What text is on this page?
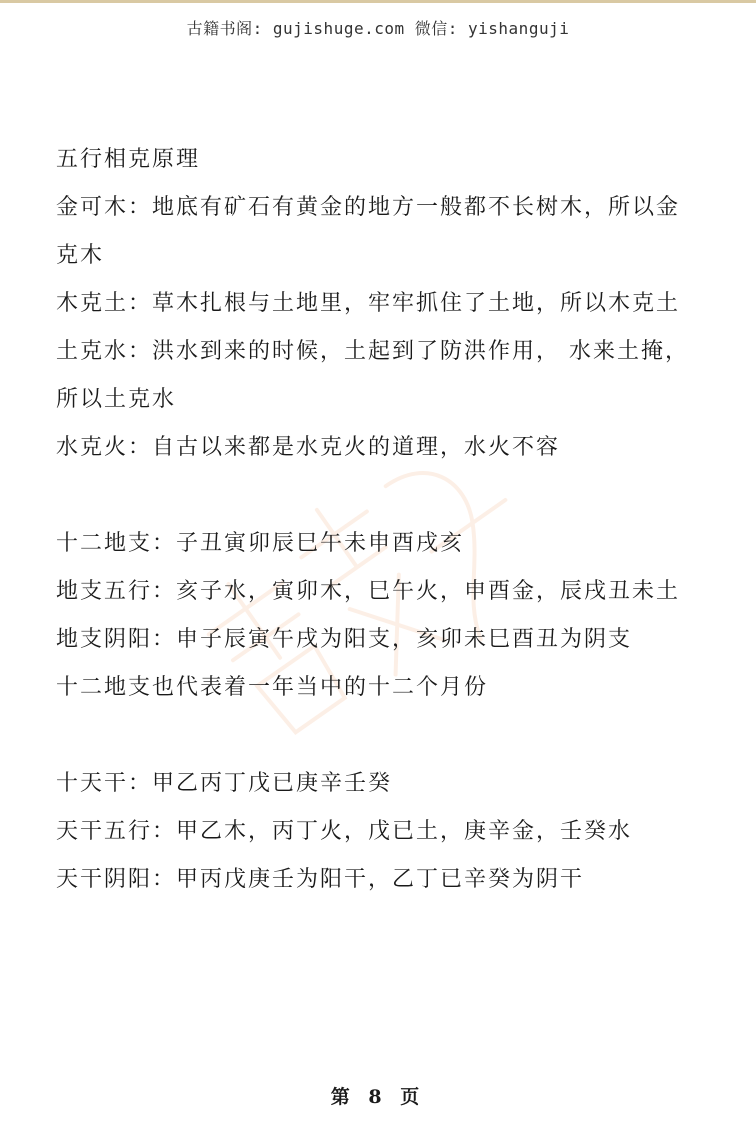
古籍书阁: gujishuge.com 微信: yishanguji
五行相克原理
金可木：地底有矿石有黄金的地方一般都不长树木，所以金
克木
木克土：草木扎根与土地里，牢牢抓住了土地，所以木克土
土克水：洪水到来的时候，土起到了防洪作用， 水来土掩，
所以土克水
水克火：自古以来都是水克火的道理，水火不容
十二地支：子丑寅卯辰巳午未申酉戌亥
地支五行：亥子水，寅卯木，巳午火，申酉金，辰戌丑未土
地支阴阳：申子辰寅午戌为阳支，亥卯未巳酉丑为阴支
十二地支也代表着一年当中的十二个月份
十天干：甲乙丙丁戊已庚辛壬癸
天干五行：甲乙木，丙丁火，戊已土，庚辛金，壬癸水
天干阴阳：甲丙戊庚壬为阳干，乙丁已辛癸为阴干
第 8 页
